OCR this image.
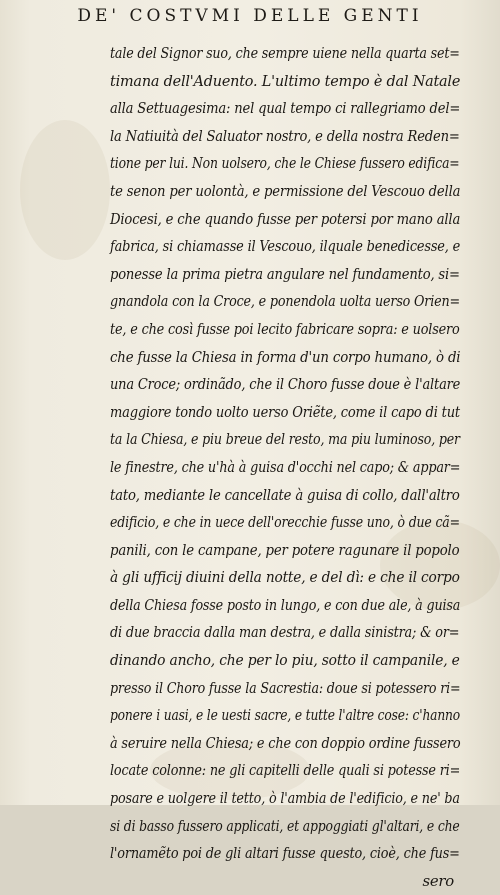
DE' COSTVMI DELLE GENTI
tale del Signor suo, che sempre uiene nella quarta set=
timana dell'Aduento. L'ultimo tempo è dal Natale
alla Settuagesima: nel qual tempo ci rallegriamo del=
la Natiuità del Saluator nostro, e della nostra Reden=
tione per lui. Non uolsero, che le Chiese fussero edifica=
te senon per uolontà, e permissione del Vescouo della
Diocesi, e che quando fusse per potersi por mano alla
fabrica, si chiamasse il Vescouo, ilquale benedicesse, e
ponesse la prima pietra angulare nel fundamento, si=
gnandola con la Croce, e ponendola uolta uerso Orien=
te, e che così fusse poi lecito fabricare sopra: e uolsero
che fusse la Chiesa in forma d'un corpo humano, ò di
una Croce; ordinãdo, che il Choro fusse doue è l'altare
maggiore tondo uolto uerso Oriẽte, come il capo di tut
ta la Chiesa, e piu breue del resto, ma piu luminoso, per
le finestre, che u'hà à guisa d'occhi nel capo; & appar=
tato, mediante le cancellate à guisa di collo, dall'altro
edificio, e che in uece dell'orecchie fusse uno, ò due cã=
panili, con le campane, per potere ragunare il popolo
à gli ufficij diuini della notte, e del dì: e che il corpo
della Chiesa fosse posto in lungo, e con due ale, à guisa
di due braccia dalla man destra, e dalla sinistra; & or=
dinando ancho, che per lo piu, sotto il campanile, e
presso il Choro fusse la Sacrestia: doue si potessero ri=
ponere i uasi, e le uesti sacre, e tutte l'altre cose: c'hanno
à seruire nella Chiesa; e che con doppio ordine fussero
locate colonne: ne gli capitelli delle quali si potesse ri=
posare e uolgere il tetto, ò l'ambia de l'edificio, e ne' ba
si di basso fussero applicati, et appoggiati gl'altari, e che
l'ornamẽto poi de gli altari fusse questo, cioè, che fus=
sero
